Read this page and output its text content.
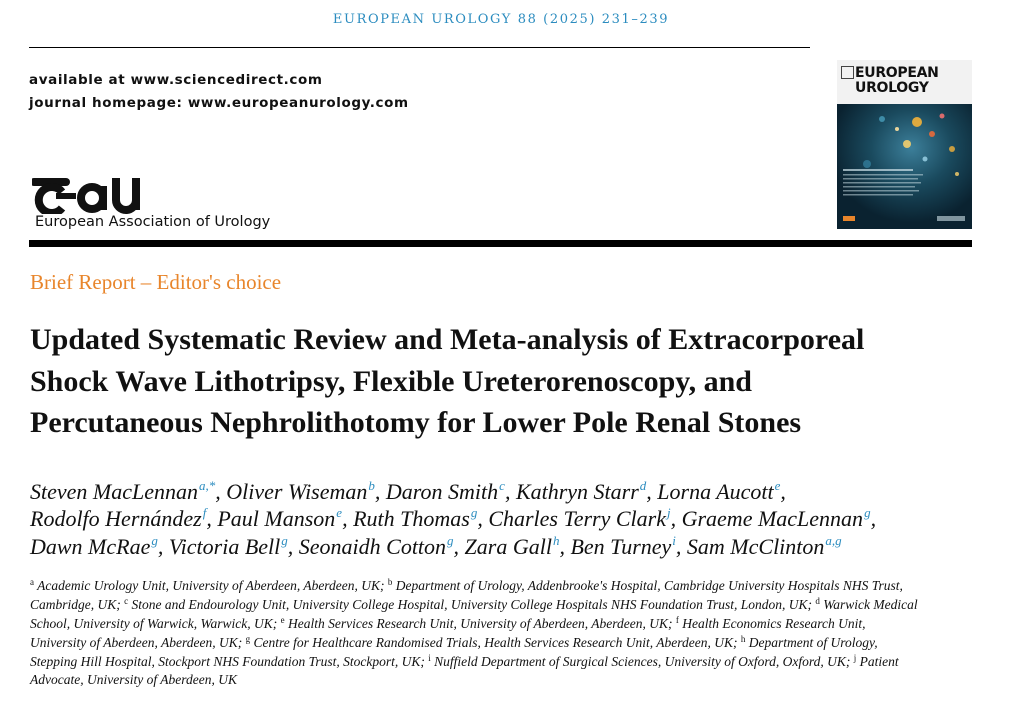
EUROPEAN UROLOGY 88 (2025) 231–239
available at www.sciencedirect.com
journal homepage: www.europeanurology.com
European Association of Urology
EUROPEAN
UROLOGY
Brief Report – Editor's choice
Updated Systematic Review and Meta-analysis of Extracorporeal
Shock Wave Lithotripsy, Flexible Ureterorenoscopy, and
Percutaneous Nephrolithotomy for Lower Pole Renal Stones
Steven MacLennan$^{a,*}$, Oliver Wiseman$^b$, Daron Smith$^c$, Kathryn Starr$^d$, Lorna Aucott$^e$,
Rodolfo Hernández$^f$, Paul Manson$^e$, Ruth Thomas$^g$, Charles Terry Clark$^j$, Graeme MacLennan$^g$,
Dawn McRae$^g$, Victoria Bell$^g$, Seonaidh Cotton$^g$, Zara Gall$^h$, Ben Turney$^i$, Sam McClinton$^{a,g}$
$^a$ Academic Urology Unit, University of Aberdeen, Aberdeen, UK; $^b$ Department of Urology, Addenbrooke's Hospital, Cambridge University Hospitals NHS Trust,
Cambridge, UK; $^c$ Stone and Endourology Unit, University College Hospital, University College Hospitals NHS Foundation Trust, London, UK; $^d$ Warwick Medical
School, University of Warwick, Warwick, UK; $^e$ Health Services Research Unit, University of Aberdeen, Aberdeen, UK; $^f$ Health Economics Research Unit,
University of Aberdeen, Aberdeen, UK; $^g$ Centre for Healthcare Randomised Trials, Health Services Research Unit, Aberdeen, UK; $^h$ Department of Urology,
Stepping Hill Hospital, Stockport NHS Foundation Trust, Stockport, UK; $^i$ Nuffield Department of Surgical Sciences, University of Oxford, Oxford, UK; $^j$ Patient
Advocate, University of Aberdeen, UK
